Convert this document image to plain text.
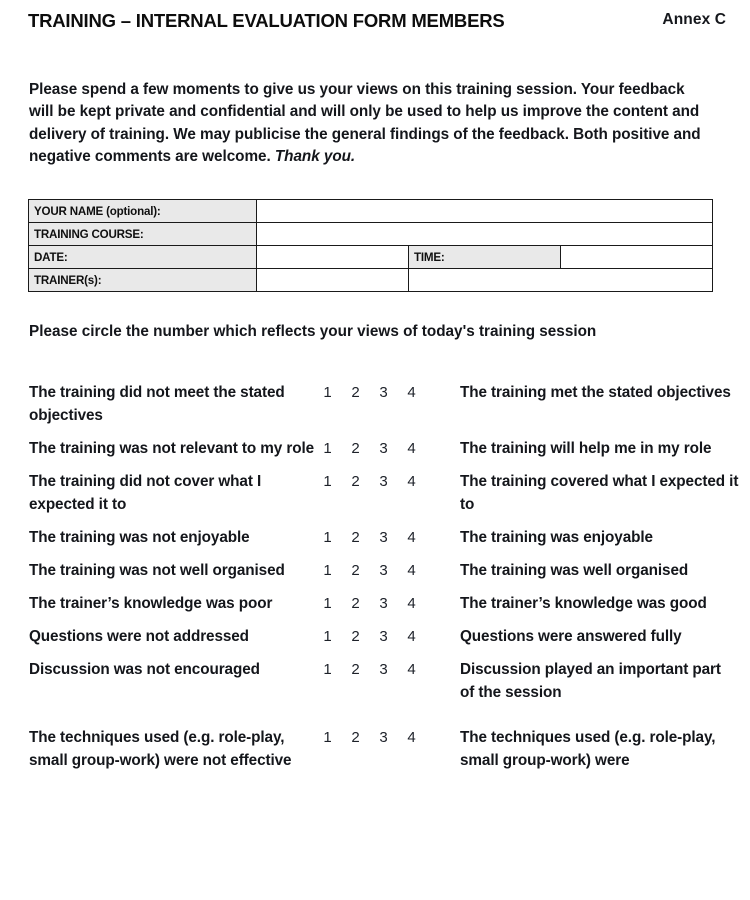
TRAINING – INTERNAL EVALUATION FORM MEMBERS	Annex C
Please spend a few moments to give us your views on this training session. Your feedback will be kept private and confidential and will only be used to help us improve the content and delivery of training. We may publicise the general findings of the feedback. Both positive and negative comments are welcome. Thank you.
YOUR NAME (optional):			
TRAINING COURSE:			
DATE:		TIME:	
TRAINER(s):			
Please circle the number which reflects your views of today's training session
The training did not meet the stated objectives
1 2 3 4	The training met the stated objectives
The training was not relevant to my role 1 2 3 4	The training will help me in my role
The training did not cover what I expected it to
1 2 3 4	The training covered what I expected it to
The training was not enjoyable	1 2 3 4	The training was enjoyable
The training was not well organised	1 2 3 4	The training was well organised
The trainer’s knowledge was poor	1 2 3 4	The trainer’s knowledge was good
Questions were not addressed	1 2 3 4	Questions were answered fully
Discussion was not encouraged	1 2 3 4	Discussion played an important part of the session
The techniques used (e.g. role-play, small group-work) were not effective
1 2 3 4	The techniques used (e.g. role-play, small group-work) were
